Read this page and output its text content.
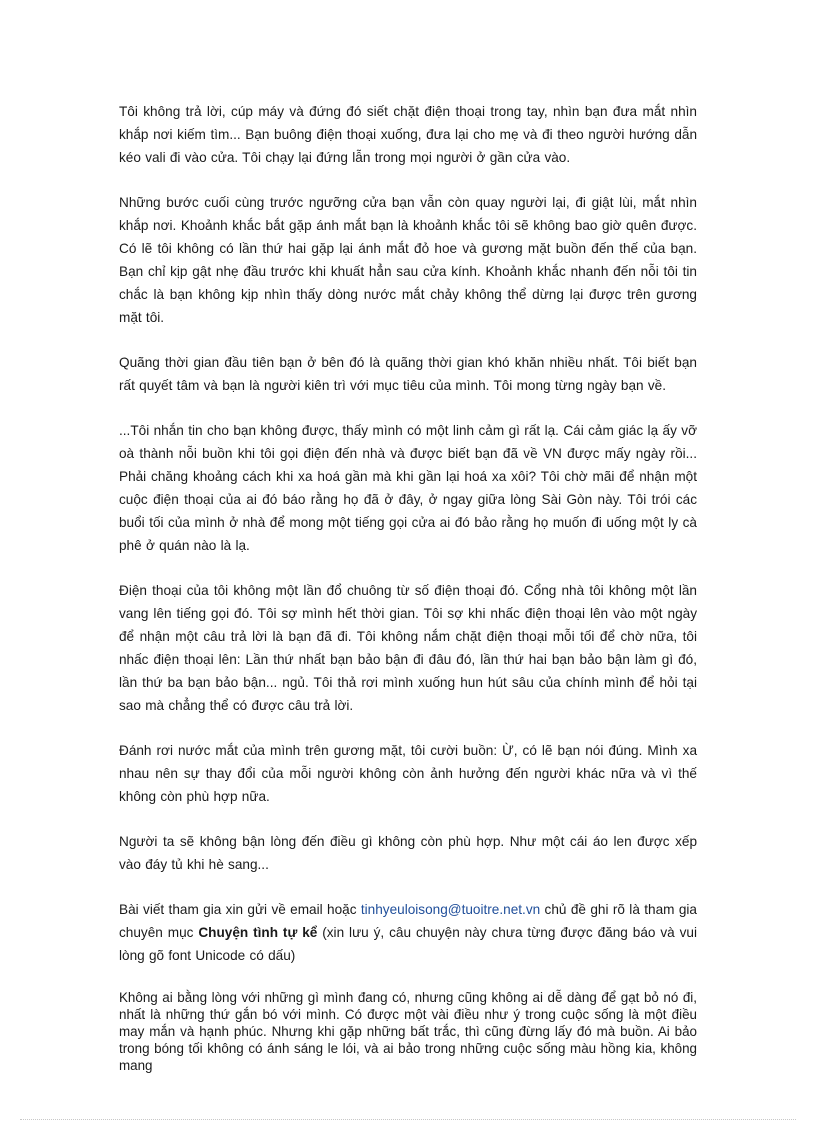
Tôi không trả lời, cúp máy và đứng đó siết chặt điện thoại trong tay, nhìn bạn đưa mắt nhìn khắp nơi kiếm tìm... Bạn buông điện thoại xuống, đưa lại cho mẹ và đi theo người hướng dẫn kéo vali đi vào cửa. Tôi chạy lại đứng lẫn trong mọi người ở gần cửa vào.

Những bước cuối cùng trước ngưỡng cửa bạn vẫn còn quay người lại, đi giật lùi, mắt nhìn khắp nơi. Khoảnh khắc bắt gặp ánh mắt bạn là khoảnh khắc tôi sẽ không bao giờ quên được. Có lẽ tôi không có lần thứ hai gặp lại ánh mắt đỏ hoe và gương mặt buồn đến thế của bạn. Bạn chỉ kịp gật nhẹ đầu trước khi khuất hẳn sau cửa kính. Khoảnh khắc nhanh đến nỗi tôi tin chắc là bạn không kịp nhìn thấy dòng nước mắt chảy không thể dừng lại được trên gương mặt tôi.

Quãng thời gian đầu tiên bạn ở bên đó là quãng thời gian khó khăn nhiều nhất. Tôi biết bạn rất quyết tâm và bạn là người kiên trì với mục tiêu của mình. Tôi mong từng ngày bạn về.

...Tôi nhắn tin cho bạn không được, thấy mình có một linh cảm gì rất lạ. Cái cảm giác lạ ấy vỡ oà thành nỗi buồn khi tôi gọi điện đến nhà và được biết bạn đã về VN được mấy ngày rồi... Phải chăng khoảng cách khi xa hoá gần mà khi gần lại hoá xa xôi? Tôi chờ mãi để nhận một cuộc điện thoại của ai đó báo rằng họ đã ở đây, ở ngay giữa lòng Sài Gòn này. Tôi trói các buổi tối của mình ở nhà để mong một tiếng gọi cửa ai đó bảo rằng họ muốn đi uống một ly cà phê ở quán nào là lạ.

Điện thoại của tôi không một lần đổ chuông từ số điện thoại đó. Cổng nhà tôi không một lần vang lên tiếng gọi đó. Tôi sợ mình hết thời gian. Tôi sợ khi nhấc điện thoại lên vào một ngày để nhận một câu trả lời là bạn đã đi. Tôi không nắm chặt điện thoại mỗi tối để chờ nữa, tôi nhấc điện thoại lên: Lần thứ nhất bạn bảo bận đi đâu đó, lần thứ hai bạn bảo bận làm gì đó, lần thứ ba bạn bảo bận... ngủ. Tôi thả rơi mình xuống hun hút sâu của chính mình để hỏi tại sao mà chẳng thể có được câu trả lời.

Đánh rơi nước mắt của mình trên gương mặt, tôi cười buồn: Ừ, có lẽ bạn nói đúng. Mình xa nhau nên sự thay đổi của mỗi người không còn ảnh hưởng đến người khác nữa và vì thế không còn phù hợp nữa.

Người ta sẽ không bận lòng đến điều gì không còn phù hợp. Như một cái áo len được xếp vào đáy tủ khi hè sang...

Bài viết tham gia xin gửi về email hoặc tinhyeuloisong@tuoitre.net.vn chủ đề ghi rõ là tham gia chuyên mục Chuyện tình tự kể (xin lưu ý, câu chuyện này chưa từng được đăng báo và vui lòng gõ font Unicode có dấu)

Không ai bằng lòng với những gì mình đang có, nhưng cũng không ai dễ dàng để gạt bỏ nó đi, nhất là những thứ gắn bó với mình. Có được một vài điều như ý trong cuộc sống là một điều may mắn và hạnh phúc. Nhưng khi gặp những bất trắc, thì cũng đừng lấy đó mà buồn. Ai bảo trong bóng tối không có ánh sáng le lói, và ai bảo trong những cuộc sống màu hồng kia, không mang
